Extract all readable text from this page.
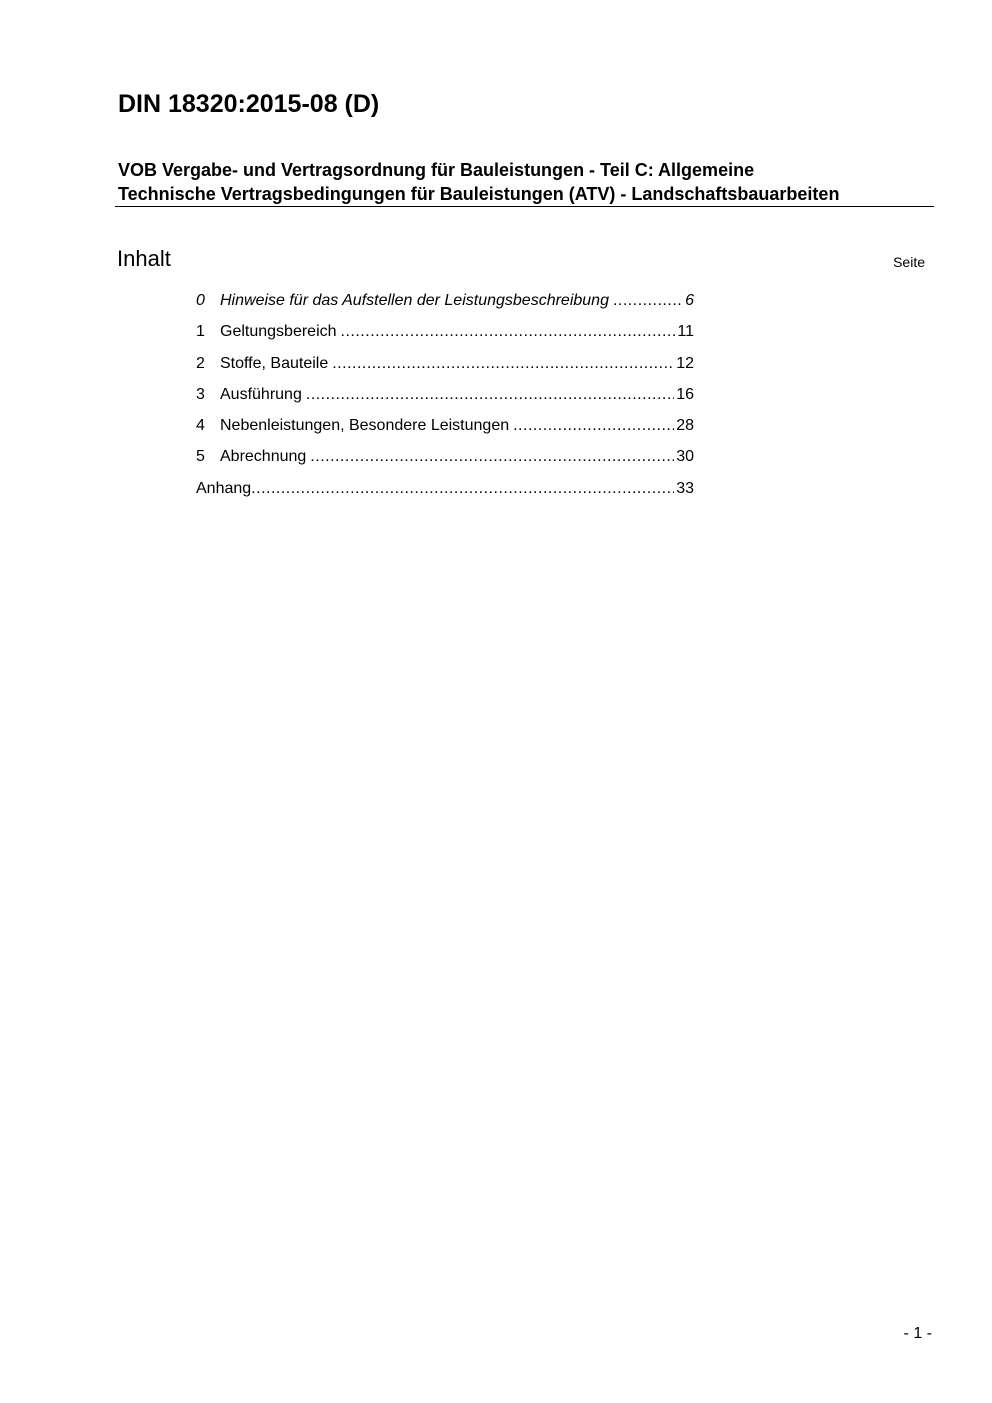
DIN 18320:2015-08 (D)
VOB Vergabe- und Vertragsordnung für Bauleistungen - Teil C: Allgemeine
Technische Vertragsbedingungen für Bauleistungen (ATV) - Landschaftsbauarbeiten
Inhalt	Seite
0 Hinweise für das Aufstellen der Leistungsbeschreibung .....	6
1 Geltungsbereich .....	11
2 Stoffe, Bauteile .....	12
3 Ausführung .....	16
4 Nebenleistungen, Besondere Leistungen .....	28
5 Abrechnung .....	30
Anhang .....	33
- 1 -
